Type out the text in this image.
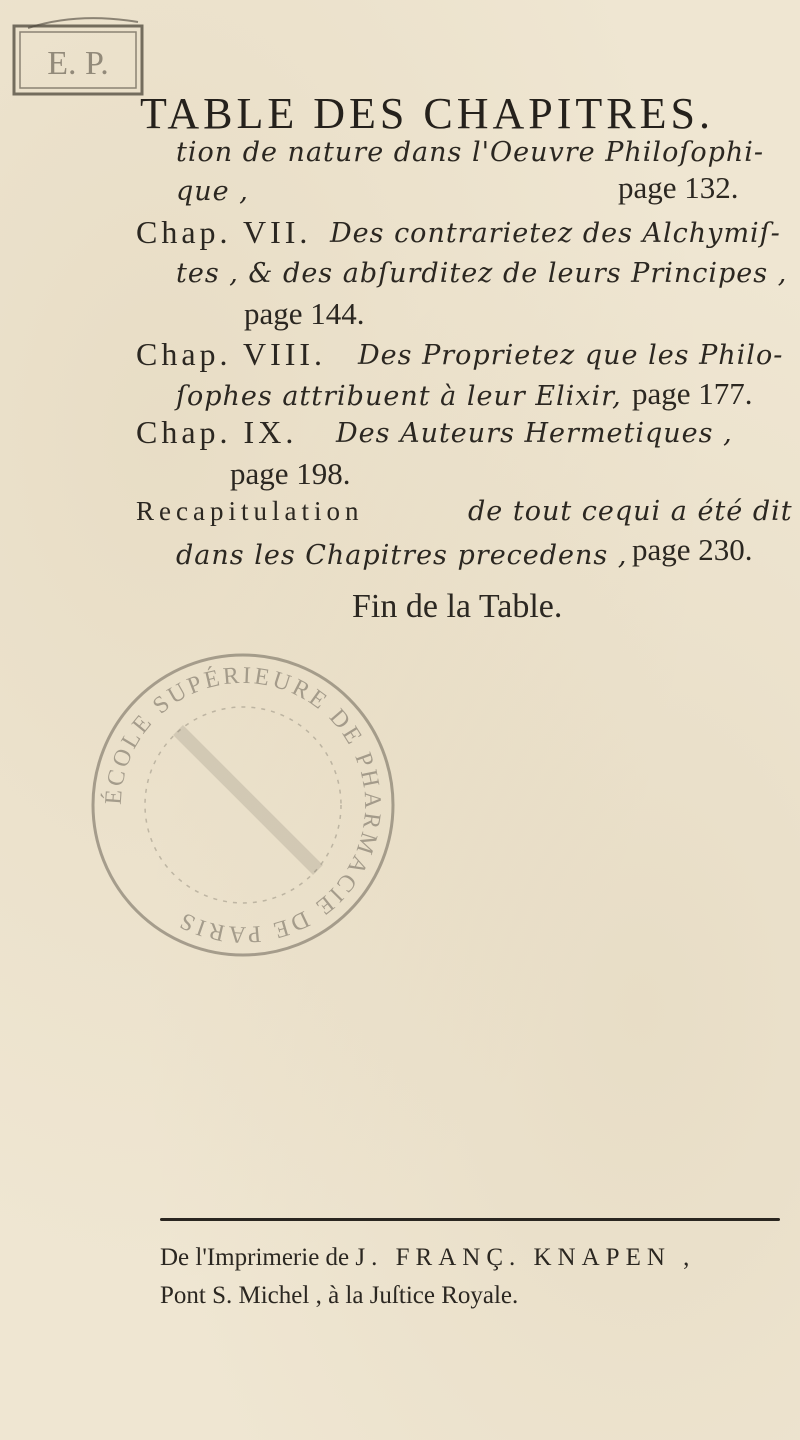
E. P.
TABLE DES CHAPITRES.
tion de nature dans l'Oeuvre Philoſophi-
que ,	page 132.
Chap. VII. Des contrarietez des Alchymiſ-
tes , & des abſurditez de leurs Principes ,
page 144.
Chap. VIII. Des Proprietez que les Philo-
ſophes attribuent à leur Elixir, page 177.
Chap. IX. Des Auteurs Hermetiques ,
page 198.
Recapitulation	de tout cequi a été dit
dans les Chapitres precedens , page 230.
Fin de la Table.
ÉCOLE SUPÉRIEURE DE PHARMACIE DE PARIS
De l'Imprimerie de J. FRANÇ. KNAPEN ,
Pont S. Michel , à la Juſtice Royale.
